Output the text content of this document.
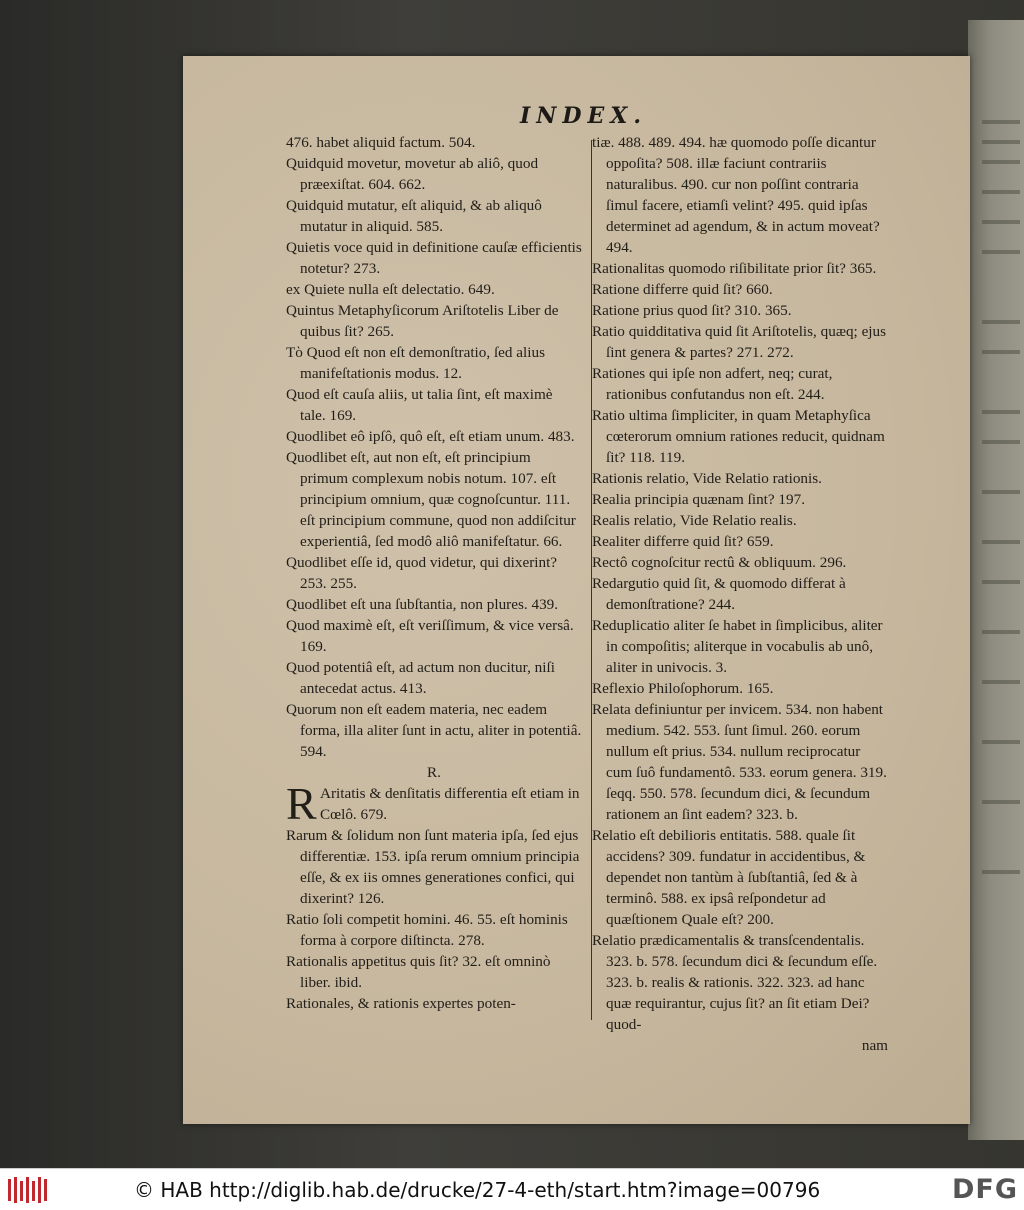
INDEX.

476. habet aliquid factum. 504.

Quidquid movetur, movetur ab aliô, quod præexiſtat. 604. 662.

Quidquid mutatur, eſt aliquid, & ab aliquô mutatur in aliquid. 585.

Quietis voce quid in definitione cauſæ efficientis notetur? 273.

ex Quiete nulla eſt delectatio. 649.

Quintus Metaphyſicorum Ariſtotelis Liber de quibus ſit? 265.

Τὸ Quod eſt non eſt demonſtratio, ſed alius manifeſtationis modus. 12.

Quod eſt cauſa aliis, ut talia ſint, eſt maximè tale. 169.

Quodlibet eô ipſô, quô eſt, eſt etiam unum. 483.

Quodlibet eſt, aut non eſt, eſt principium primum complexum nobis notum. 107. eſt principium omnium, quæ cognoſcuntur. 111. eſt principium commune, quod non addiſcitur experientiâ, ſed modô aliô manifeſtatur. 66.

Quodlibet eſſe id, quod videtur, qui dixerint? 253. 255.

Quodlibet eſt una ſubſtantia, non plures. 439.

Quod maximè eſt, eſt veriſſimum, & vice versâ. 169.

Quod potentiâ eſt, ad actum non ducitur, niſi antecedat actus. 413.

Quorum non eſt eadem materia, nec eadem forma, illa aliter ſunt in actu, aliter in potentiâ. 594.

R.

R Aritatis & denſitatis differentia eſt etiam in Cœlô. 679.

Rarum & ſolidum non ſunt materia ipſa, ſed ejus differentiæ. 153. ipſa rerum omnium principia eſſe, & ex iis omnes generationes confici, qui dixerint? 126.

Ratio ſoli competit homini. 46. 55. eſt hominis forma à corpore diſtincta. 278.

Rationalis appetitus quis ſit? 32. eſt omninò liber. ibid.

Rationales, & rationis expertes poten-

tiæ. 488. 489. 494. hæ quomodo poſſe dicantur oppoſita? 508. illæ faciunt contrariis naturalibus. 490. cur non poſſint contraria ſimul facere, etiamſi velint? 495. quid ipſas determinet ad agendum, & in actum moveat? 494.

Rationalitas quomodo riſibilitate prior ſit? 365.

Ratione differre quid ſit? 660.

Ratione prius quod ſit? 310. 365.

Ratio quidditativa quid ſit Ariſtotelis, quæq; ejus ſint genera & partes? 271. 272.

Rationes qui ipſe non adfert, neq; curat, rationibus confutandus non eſt. 244.

Ratio ultima ſimpliciter, in quam Metaphyſica cœterorum omnium rationes reducit, quidnam ſit? 118. 119.

Rationis relatio, Vide Relatio rationis.

Realia principia quænam ſint? 197.

Realis relatio, Vide Relatio realis.

Realiter differre quid ſit? 659.

Rectô cognoſcitur rectû & obliquum. 296.

Redargutio quid ſit, & quomodo differat à demonſtratione? 244.

Reduplicatio aliter ſe habet in ſimplicibus, aliter in compoſitis; aliterque in vocabulis ab unô, aliter in univocis. 3.

Reflexio Philoſophorum. 165.

Relata definiuntur per invicem. 534. non habent medium. 542. 553. ſunt ſimul. 260. eorum nullum eſt prius. 534. nullum reciprocatur cum ſuô fundamentô. 533. eorum genera. 319. ſeqq. 550. 578. ſecundum dici, & ſecundum rationem an ſint eadem? 323. b.

Relatio eſt debilioris entitatis. 588. quale ſit accidens? 309. fundatur in accidentibus, & dependet non tantùm à ſubſtantiâ, ſed & à terminô. 588. ex ipsâ reſpondetur ad quæſtionem Quale eſt? 200.

Relatio prædicamentalis & transſcendentalis. 323. b. 578. ſecundum dici & ſecundum eſſe. 323. b. realis & rationis. 322. 323. ad hanc quæ requirantur, cujus ſit? an ſit etiam Dei? quod-

nam

© HAB http://diglib.hab.de/drucke/27-4-eth/start.htm?image=00796	DFG
